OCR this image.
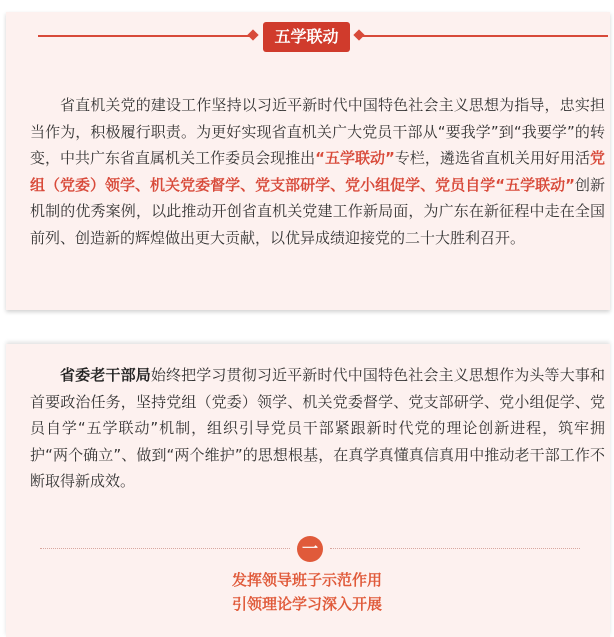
五学联动

省直机关党的建设工作坚持以习近平新时代中国特色社会主义思想为指导，忠实担当作为，积极履行职责。为更好实现省直机关广大党员干部从“要我学”到“我要学”的转变，中共广东省直属机关工作委员会现推出“五学联动”专栏，遴选省直机关用好用活党组（党委）领学、机关党委督学、党支部研学、党小组促学、党员自学“五学联动”创新机制的优秀案例，以此推动开创省直机关党建工作新局面，为广东在新征程中走在全国前列、创造新的辉煌做出更大贡献，以优异成绩迎接党的二十大胜利召开。

省委老干部局始终把学习贯彻习近平新时代中国特色社会主义思想作为头等大事和首要政治任务，坚持党组（党委）领学、机关党委督学、党支部研学、党小组促学、党员自学“五学联动”机制，组织引导党员干部紧跟新时代党的理论创新进程，筑牢拥护“两个确立”、做到“两个维护”的思想根基，在真学真懂真信真用中推动老干部工作不断取得新成效。

一
发挥领导班子示范作用
引领理论学习深入开展
